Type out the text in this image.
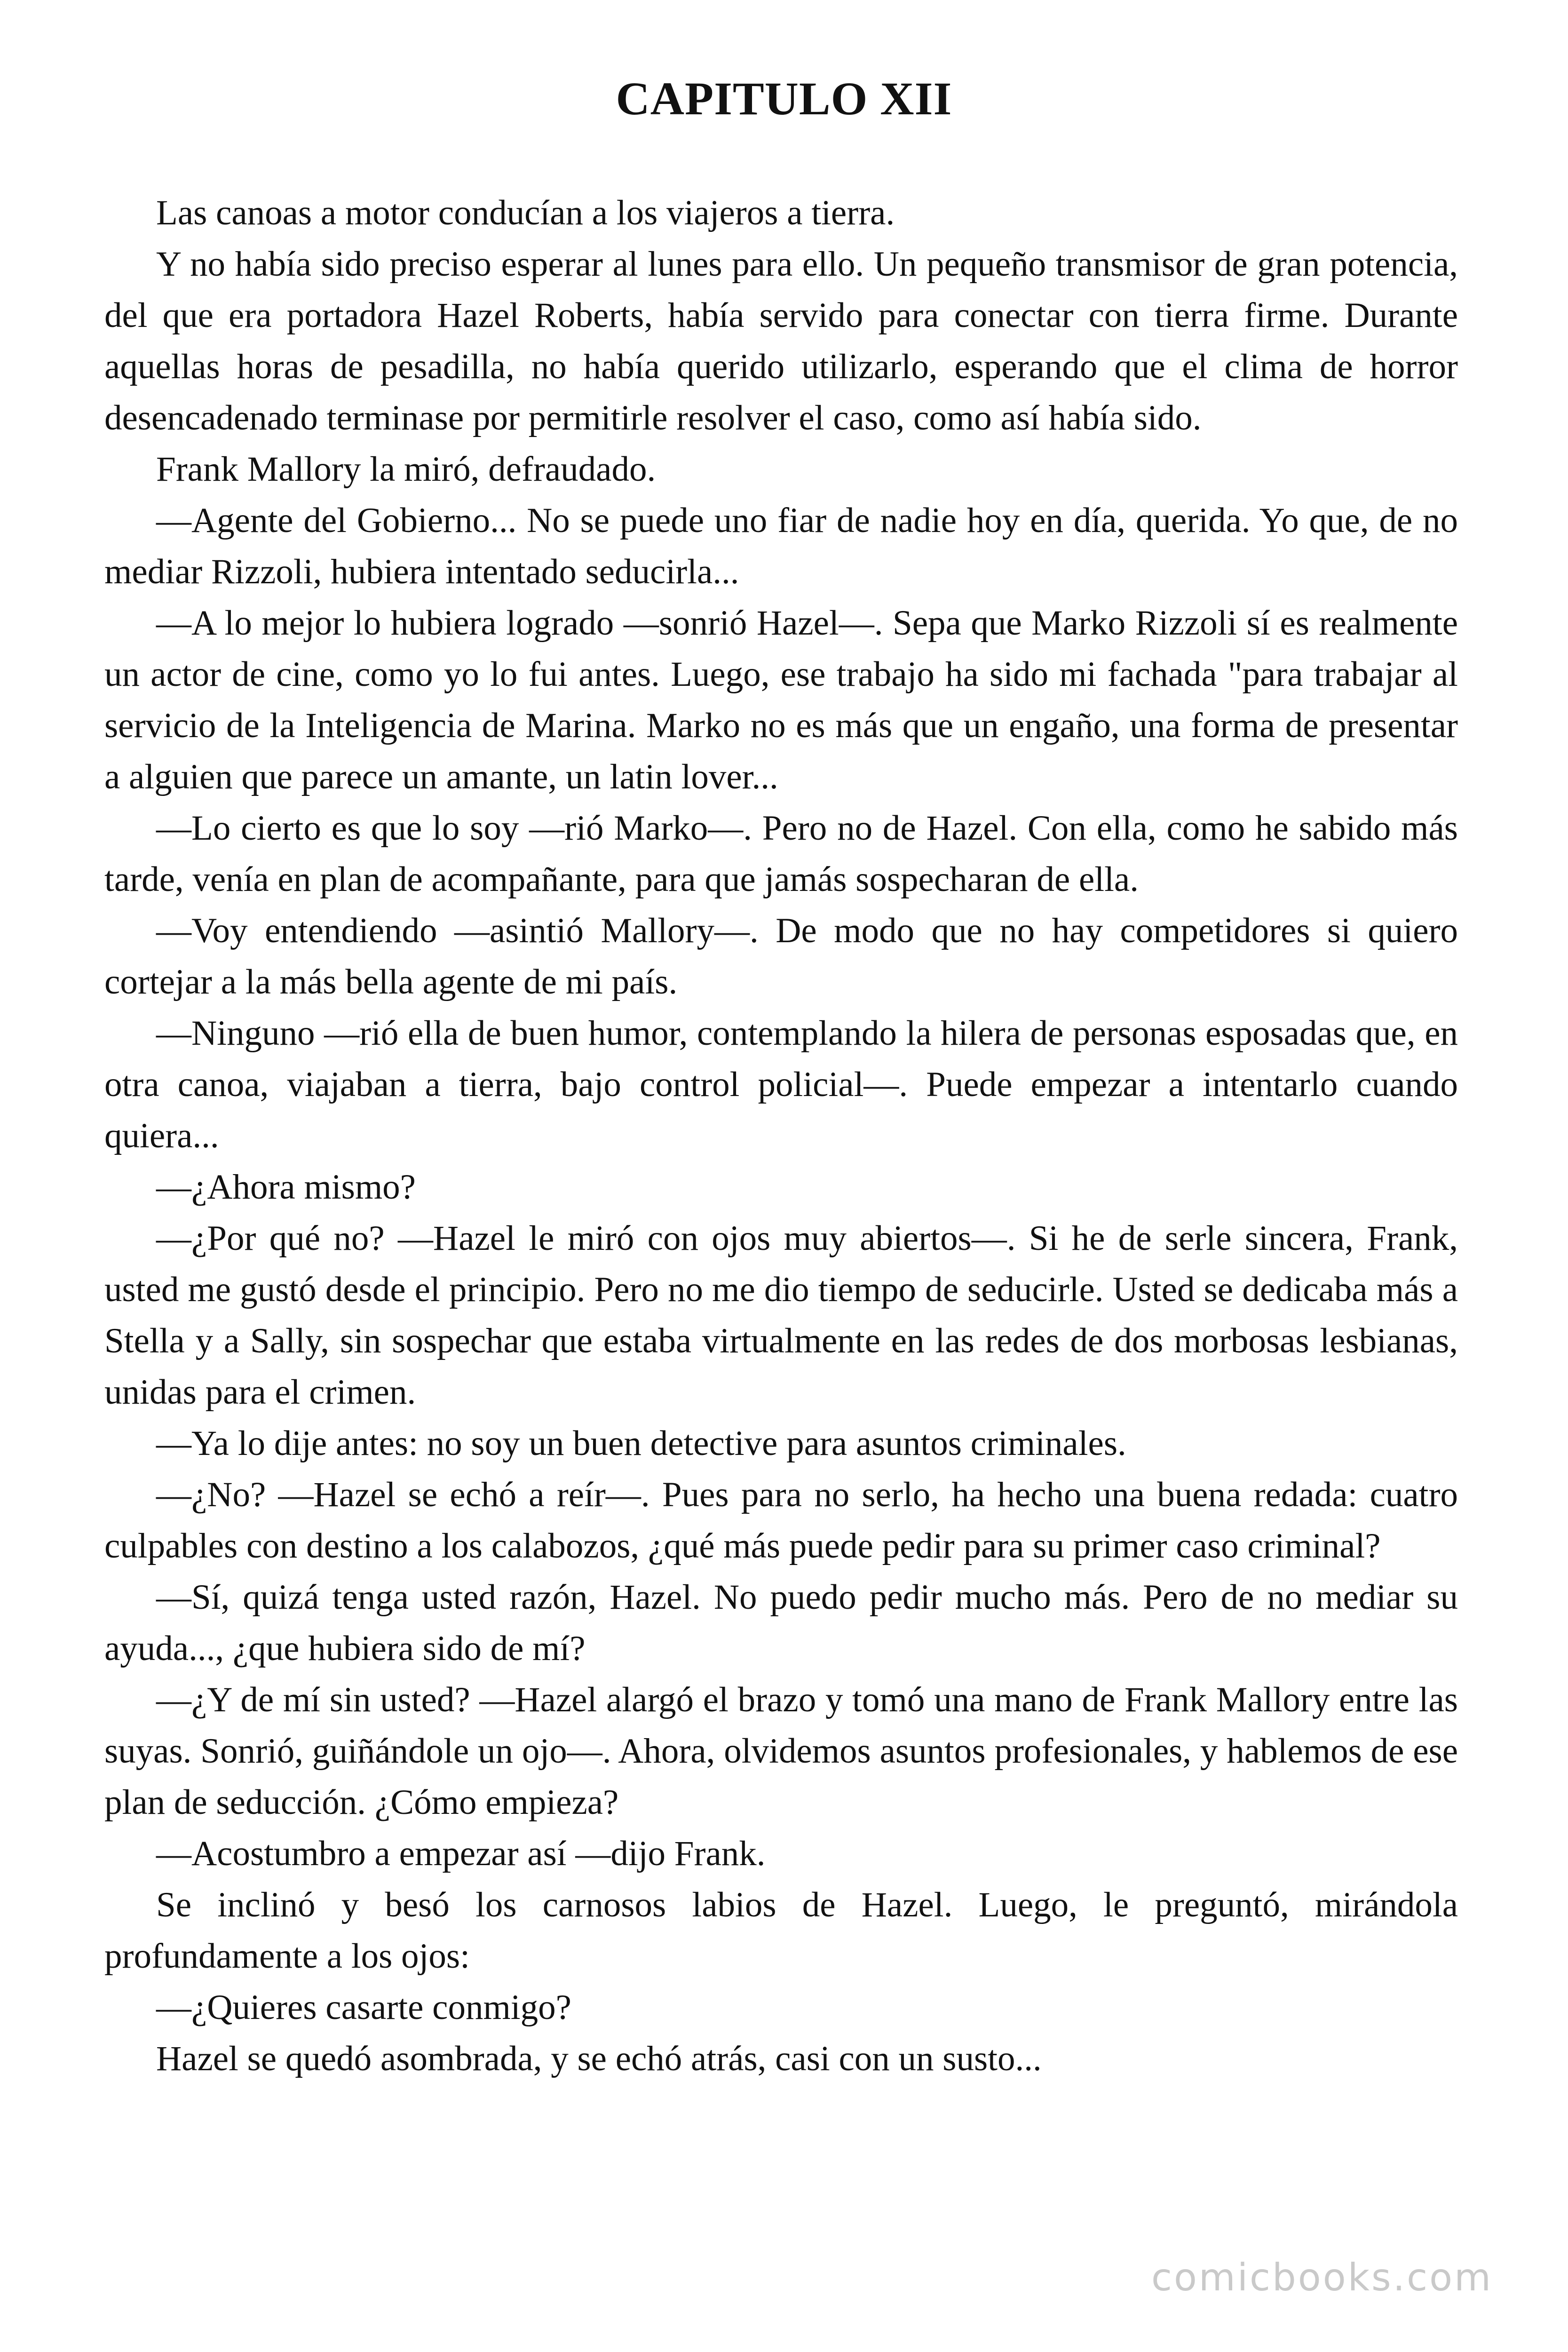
CAPITULO XII

Las canoas a motor conducían a los viajeros a tierra.

Y no había sido preciso esperar al lunes para ello. Un pequeño transmisor de gran potencia, del que era portadora Hazel Roberts, había servido para conectar con tierra firme. Durante aquellas horas de pesadilla, no había querido utilizarlo, esperando que el clima de horror desencadenado terminase por permitirle resolver el caso, como así había sido.

Frank Mallory la miró, defraudado.

—Agente del Gobierno... No se puede uno fiar de nadie hoy en día, querida. Yo que, de no mediar Rizzoli, hubiera intentado seducirla...

—A lo mejor lo hubiera logrado —sonrió Hazel—. Sepa que Marko Rizzoli sí es realmente un actor de cine, como yo lo fui antes. Luego, ese trabajo ha sido mi fachada "para trabajar al servicio de la Inteligencia de Marina. Marko no es más que un engaño, una forma de presentar a alguien que parece un amante, un latin lover...

—Lo cierto es que lo soy —rió Marko—. Pero no de Hazel. Con ella, como he sabido más tarde, venía en plan de acompañante, para que jamás sospecharan de ella.

—Voy entendiendo —asintió Mallory—. De modo que no hay competidores si quiero cortejar a la más bella agente de mi país.

—Ninguno —rió ella de buen humor, contemplando la hilera de personas esposadas que, en otra canoa, viajaban a tierra, bajo control policial—. Puede empezar a intentarlo cuando quiera...

—¿Ahora mismo?

—¿Por qué no? —Hazel le miró con ojos muy abiertos—. Si he de serle sincera, Frank, usted me gustó desde el principio. Pero no me dio tiempo de seducirle. Usted se dedicaba más a Stella y a Sally, sin sospechar que estaba virtualmente en las redes de dos morbosas lesbianas, unidas para el crimen.

—Ya lo dije antes: no soy un buen detective para asuntos criminales.

—¿No? —Hazel se echó a reír—. Pues para no serlo, ha hecho una buena redada: cuatro culpables con destino a los calabozos, ¿qué más puede pedir para su primer caso criminal?

—Sí, quizá tenga usted razón, Hazel. No puedo pedir mucho más. Pero de no mediar su ayuda..., ¿que hubiera sido de mí?

—¿Y de mí sin usted? —Hazel alargó el brazo y tomó una mano de Frank Mallory entre las suyas. Sonrió, guiñándole un ojo—. Ahora, olvidemos asuntos profesionales, y hablemos de ese plan de seducción. ¿Cómo empieza?

—Acostumbro a empezar así —dijo Frank.

Se inclinó y besó los carnosos labios de Hazel. Luego, le preguntó, mirándola profundamente a los ojos:

—¿Quieres casarte conmigo?

Hazel se quedó asombrada, y se echó atrás, casi con un susto...

comicbooks.com
